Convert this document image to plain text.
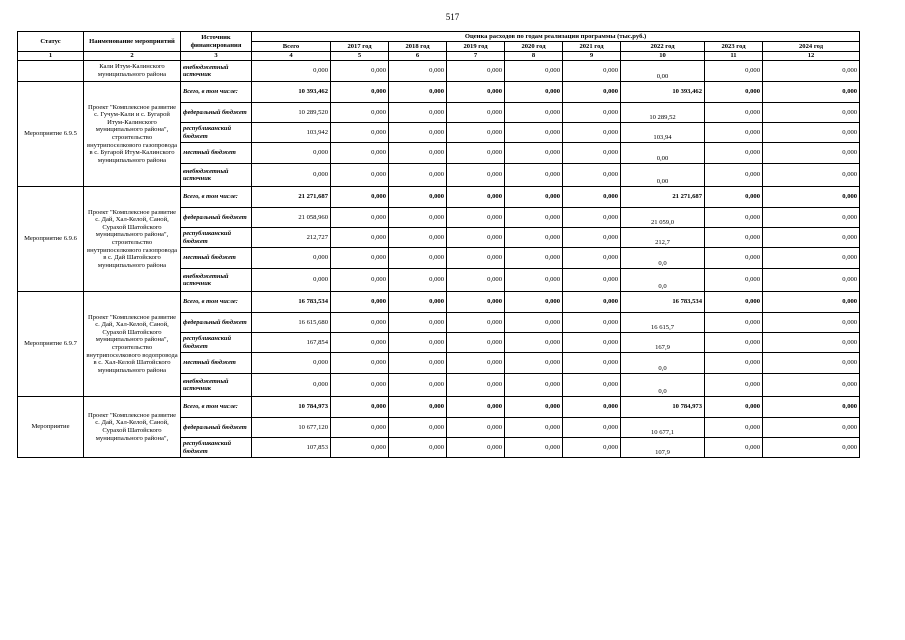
517
Статус	Наименование мероприятий	Источник финансирования	Оценка расходов по годам реализации программы (тыс.руб.)								
			Всего	2017 год	2018 год	2019 год	2020 год	2021 год	2022 год	2023 год	2024 год
1	2	3	4	5	6	7	8	9	10	11	12
	Кали Итум-Калинского муниципального района	внебюджетный источник	0,000	0,000	0,000	0,000	0,000	0,000	0,00	0,000	0,000
Мероприятие 6.9.5	Проект "Комплексное развитие с. Гучум-Кали и с. Бугарой Итум-Калинского муниципального района", строительство внутрипоселкового газопровода в с. Бугарой Итум-Калинского муниципального района	Всего, в том числе:	10 393,462	0,000	0,000	0,000	0,000	0,000	10 393,462	0,000	0,000
		федеральный бюджет	10 289,520	0,000	0,000	0,000	0,000	0,000	10 289,52	0,000	0,000
		республиканский бюджет	103,942	0,000	0,000	0,000	0,000	0,000	103,94	0,000	0,000
		местный бюджет	0,000	0,000	0,000	0,000	0,000	0,000	0,00	0,000	0,000
		внебюджетный источник	0,000	0,000	0,000	0,000	0,000	0,000	0,00	0,000	0,000
Мероприятие 6.9.6	Проект "Комплексное развитие с. Дай, Хал-Келой, Саной, Сурахой Шатойского муниципального района", строительство внутрипоселкового газопровода в с. Дай Шатойского муниципального района	Всего, в том числе:	21 271,687	0,000	0,000	0,000	0,000	0,000	21 271,687	0,000	0,000
		федеральный бюджет	21 058,960	0,000	0,000	0,000	0,000	0,000	21 059,0	0,000	0,000
		республиканский бюджет	212,727	0,000	0,000	0,000	0,000	0,000	212,7	0,000	0,000
		местный бюджет	0,000	0,000	0,000	0,000	0,000	0,000	0,0	0,000	0,000
		внебюджетный источник	0,000	0,000	0,000	0,000	0,000	0,000	0,0	0,000	0,000
Мероприятие 6.9.7	Проект "Комплексное развитие с. Дай, Хал-Келой, Саной, Сурахой Шатойского муниципального района", строительство внутрипоселкового водопровода в с. Хал-Келой Шатойского муниципального района	Всего, в том числе:	16 783,534	0,000	0,000	0,000	0,000	0,000	16 783,534	0,000	0,000
		федеральный бюджет	16 615,680	0,000	0,000	0,000	0,000	0,000	16 615,7	0,000	0,000
		республиканский бюджет	167,854	0,000	0,000	0,000	0,000	0,000	167,9	0,000	0,000
		местный бюджет	0,000	0,000	0,000	0,000	0,000	0,000	0,0	0,000	0,000
		внебюджетный источник	0,000	0,000	0,000	0,000	0,000	0,000	0,0	0,000	0,000
Мероприятие	Проект "Комплексное развитие с. Дай, Хал-Келой, Саной, Сурахой Шатойского муниципального района",	Всего, в том числе:	10 784,973	0,000	0,000	0,000	0,000	0,000	10 784,973	0,000	0,000
		федеральный бюджет	10 677,120	0,000	0,000	0,000	0,000	0,000	10 677,1	0,000	0,000
		республиканский бюджет	107,853	0,000	0,000	0,000	0,000	0,000	107,9	0,000	0,000
